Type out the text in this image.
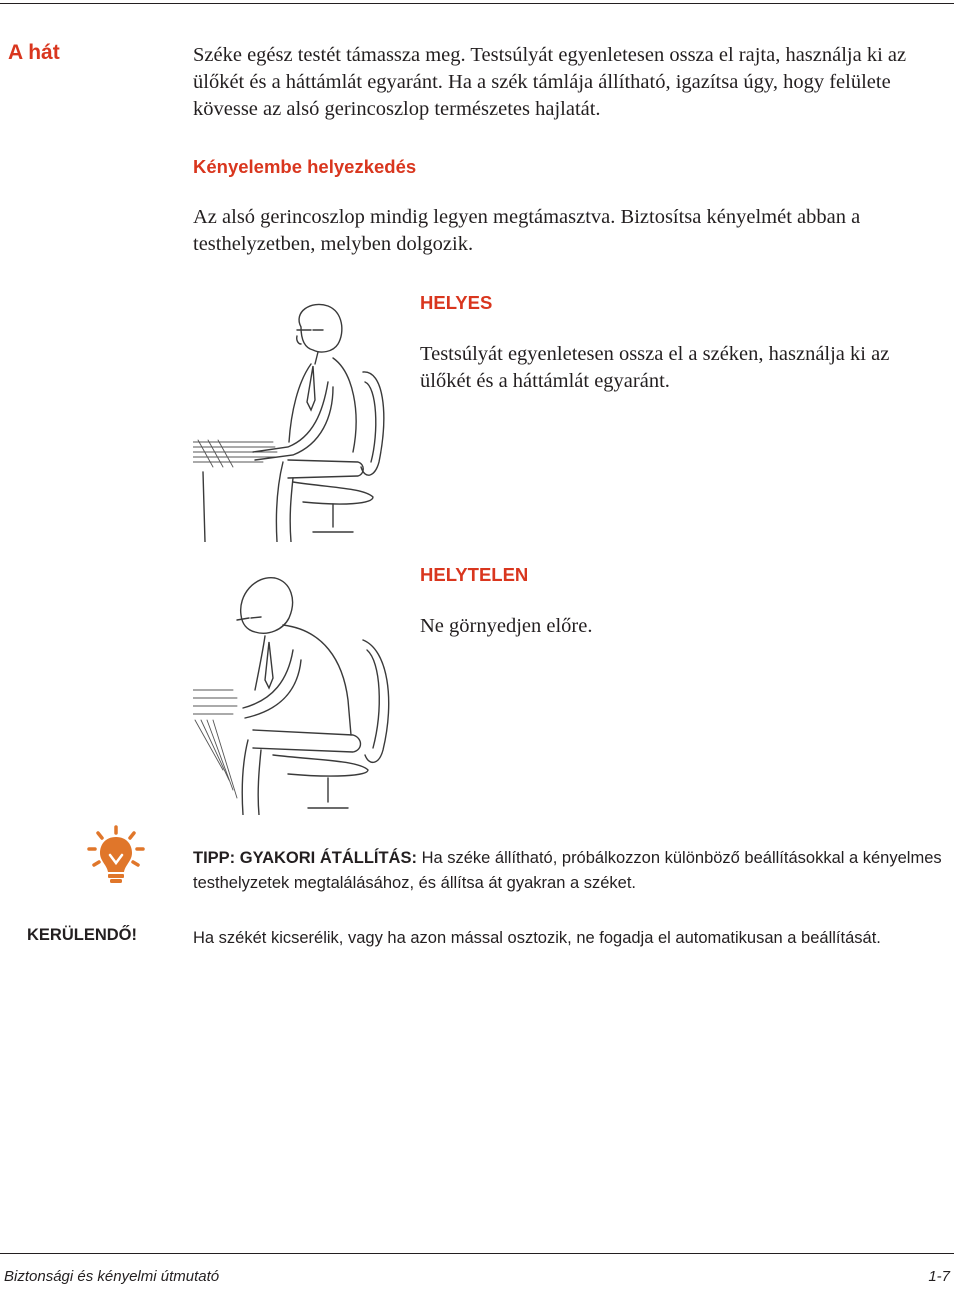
A hát	Széke egész testét támassza meg. Testsúlyát egyenletesen ossza el rajta, használja ki az ülőkét és a háttámlát egyaránt. Ha a szék támlája állítható, igazítsa úgy, hogy felülete kövesse az alsó gerincoszlop természetes hajlatát.
Kényelembe helyezkedés
Az alsó gerincoszlop mindig legyen megtámasztva. Biztosítsa kényelmét abban a testhelyzetben, melyben dolgozik.
HELYES
Testsúlyát egyenletesen ossza el a széken, használja ki az ülőkét és a háttámlát egyaránt.
HELYTELEN
Ne görnyedjen előre.
TIPP: GYAKORI ÁTÁLLÍTÁS: Ha széke állítható, próbálkozzon különböző beállításokkal a kényelmes testhelyzetek megtalálásához, és állítsa át gyakran a széket.
KERÜLENDŐ!	Ha székét kicserélik, vagy ha azon mással osztozik, ne fogadja el automatikusan a beállítását.
Biztonsági és kényelmi útmutató	1-7
